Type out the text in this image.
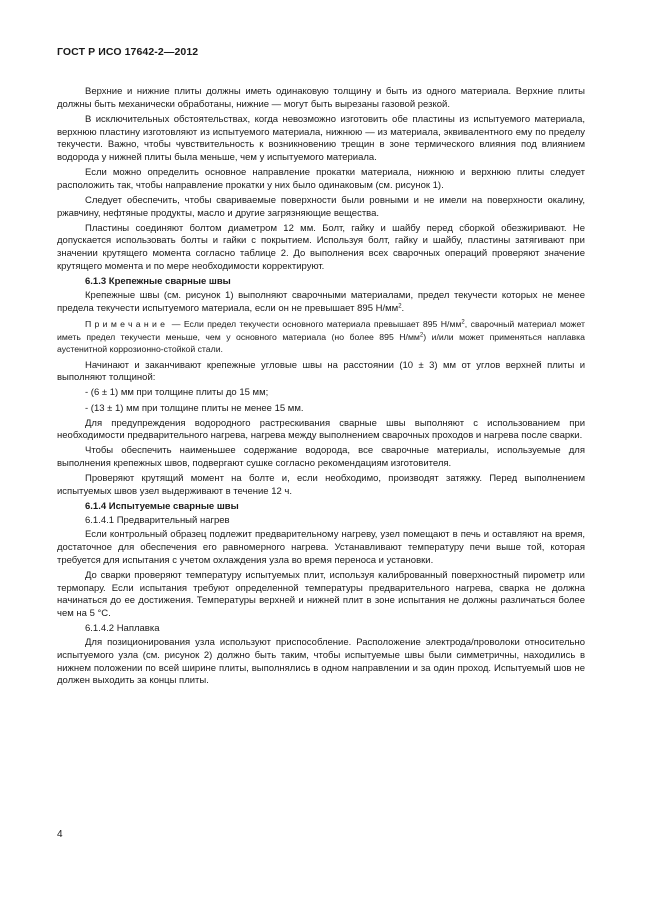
ГОСТ Р ИСО 17642-2—2012

Верхние и нижние плиты должны иметь одинаковую толщину и быть из одного материала. Верхние плиты должны быть механически обработаны, нижние — могут быть вырезаны газовой резкой.

В исключительных обстоятельствах, когда невозможно изготовить обе пластины из испытуемого материала, верхнюю пластину изготовляют из испытуемого материала, нижнюю — из материала, эквивалентного ему по пределу текучести. Важно, чтобы чувствительность к возникновению трещин в зоне термического влияния под влиянием водорода у нижней плиты была меньше, чем у испытуемого материала.

Если можно определить основное направление прокатки материала, нижнюю и верхнюю плиты следует расположить так, чтобы направление прокатки у них было одинаковым (см. рисунок 1).

Следует обеспечить, чтобы свариваемые поверхности были ровными и не имели на поверхности окалину, ржавчину, нефтяные продукты, масло и другие загрязняющие вещества.

Пластины соединяют болтом диаметром 12 мм. Болт, гайку и шайбу перед сборкой обезжиривают. Не допускается использовать болты и гайки с покрытием. Используя болт, гайку и шайбу, пластины затягивают при значении крутящего момента согласно таблице 2. До выполнения всех сварочных операций проверяют значение крутящего момента и по мере необходимости корректируют.

6.1.3 Крепежные сварные швы

Крепежные швы (см. рисунок 1) выполняют сварочными материалами, предел текучести которых не менее предела текучести испытуемого материала, если он не превышает 895 $Н/мм^2$.

Примечание — Если предел текучести основного материала превышает 895 $Н/мм^2$, сварочный материал может иметь предел текучести меньше, чем у основного материала (но более 895 $Н/мм^2$) и/или может применяться наплавка аустенитной коррозионно-стойкой стали.

Начинают и заканчивают крепежные угловые швы на расстоянии (10 ± 3) мм от углов верхней плиты и выполняют толщиной:

- (6 ± 1) мм при толщине плиты до 15 мм;

- (13 ± 1) мм при толщине плиты не менее 15 мм.

Для предупреждения водородного растрескивания сварные швы выполняют с использованием при необходимости предварительного нагрева, нагрева между выполнением сварочных проходов и нагрева после сварки.

Чтобы обеспечить наименьшее содержание водорода, все сварочные материалы, используемые для выполнения крепежных швов, подвергают сушке согласно рекомендациям изготовителя.

Проверяют крутящий момент на болте и, если необходимо, производят затяжку. Перед выполнением испытуемых швов узел выдерживают в течение 12 ч.

6.1.4 Испытуемые сварные швы
6.1.4.1 Предварительный нагрев

Если контрольный образец подлежит предварительному нагреву, узел помещают в печь и оставляют на время, достаточное для обеспечения его равномерного нагрева. Устанавливают температуру печи выше той, которая требуется для испытания с учетом охлаждения узла во время переноса и установки.

До сварки проверяют температуру испытуемых плит, используя калиброванный поверхностный пирометр или термопару. Если испытания требуют определенной температуры предварительного нагрева, сварка не должна начинаться до ее достижения. Температуры верхней и нижней плит в зоне испытания не должны различаться более чем на 5 °С.

6.1.4.2 Наплавка

Для позиционирования узла используют приспособление. Расположение электрода/проволоки относительно испытуемого узла (см. рисунок 2) должно быть таким, чтобы испытуемые швы были симметричны, находились в нижнем положении по всей ширине плиты, выполнялись в одном направлении и за один проход. Испытуемый шов не должен выходить за концы плиты.

4
